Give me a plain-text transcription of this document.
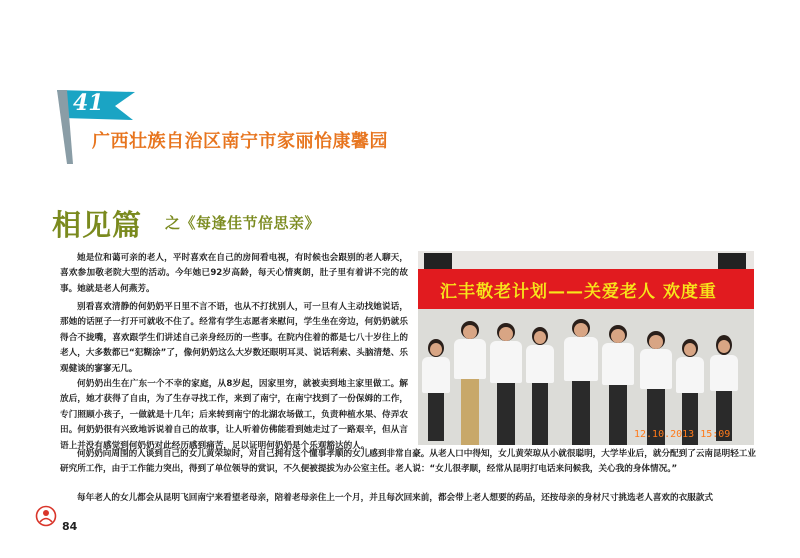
41
广西壮族自治区南宁市家丽怡康馨园
相见篇 之《每逢佳节倍思亲》

她是位和蔼可亲的老人，平时喜欢在自己的房间看电视，有时候也会跟别的老人聊天，喜欢参加敬老院大型的活动。今年她已92岁高龄，每天心情爽朗，肚子里有着讲不完的故事。她就是老人何燕芳。

别看喜欢清静的何奶奶平日里不言不语，也从不打扰别人，可一旦有人主动找她说话，那她的话匣子一打开可就收不住了。经常有学生志愿者来慰问，学生坐在旁边，何奶奶就乐得合不拢嘴，喜欢跟学生们讲述自己亲身经历的一些事。在院内住着的都是七八十岁往上的老人，大多数都已“犯糊涂”了，像何奶奶这么大岁数还眼明耳灵、说话利索、头脑清楚、乐观健谈的寥寥无几。

何奶奶出生在广东一个不幸的家庭，从8岁起，因家里穷，就被卖到地主家里做工。解放后，她才获得了自由，为了生存寻找工作，来到了南宁，在南宁找到了一份保姆的工作，专门照顾小孩子，一做就是十几年；后来转到南宁的北湖农场做工，负责种植水果、侍弄农田。何奶奶很有兴致地诉说着自己的故事，让人听着仿佛能看到她走过了一路艰辛，但从言语上并没有感觉到何奶奶对此经历感到痛苦，足以证明何奶奶是个乐观豁达的人。

何奶奶向周围的人谈到自己的女儿黄荣琼时，对自己拥有这个懂事孝顺的女儿感到非常自豪。从老人口中得知，女儿黄荣琼从小就很聪明，大学毕业后，就分配到了云南昆明轻工业研究所工作，由于工作能力突出，得到了单位领导的赏识，不久便被提拔为办公室主任。老人说：“女儿很孝顺，经常从昆明打电话来问候我，关心我的身体情况。”

每年老人的女儿都会从昆明飞回南宁来看望老母亲，陪着老母亲住上一个月，并且每次回来前，都会带上老人想要的药品，还按母亲的身材尺寸挑选老人喜欢的衣服款式

汇丰敬老计划——关爱老人 欢度重
12.10.2013 15:09
84
